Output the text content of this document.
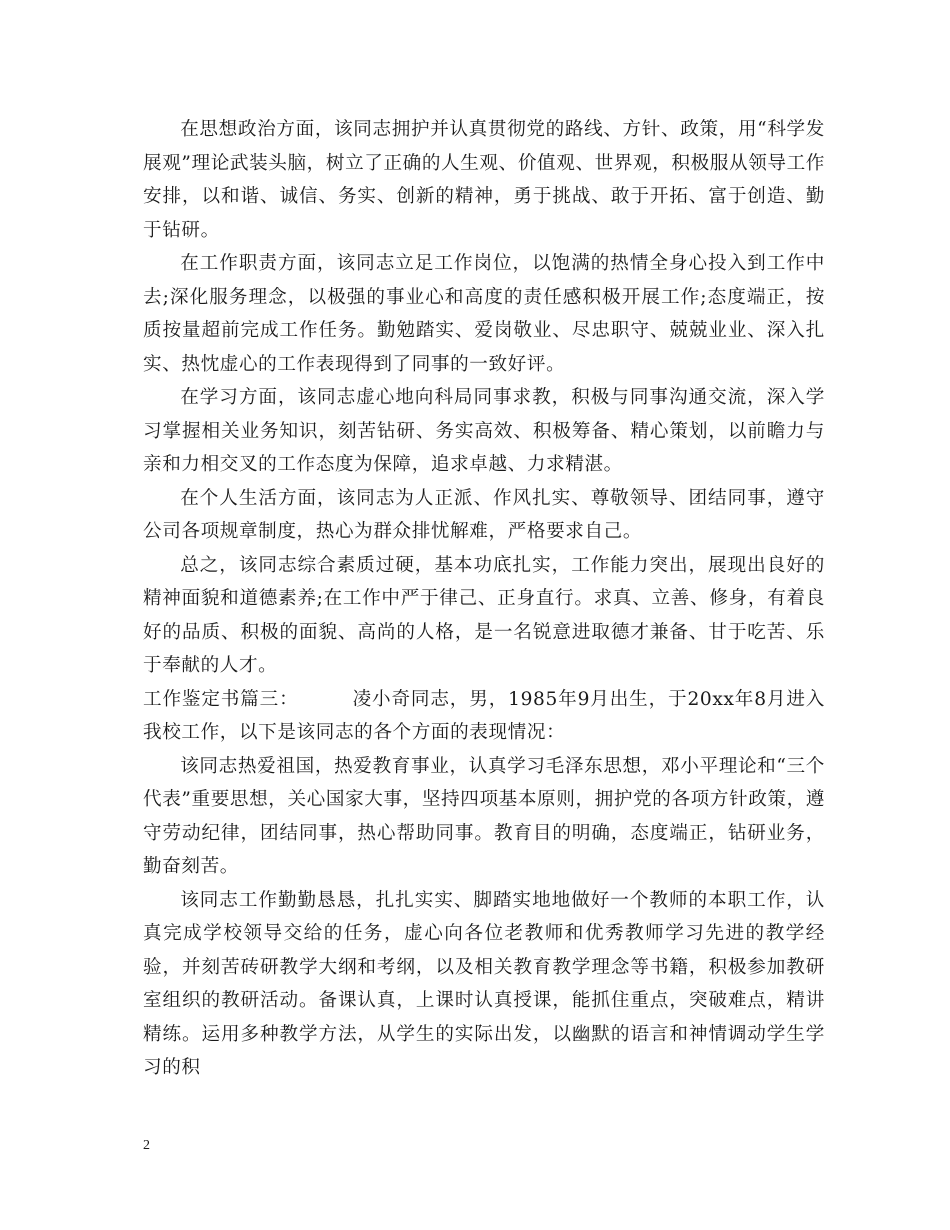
在思想政治方面，该同志拥护并认真贯彻党的路线、方针、政策，用“科学发展观”理论武装头脑，树立了正确的人生观、价值观、世界观，积极服从领导工作安排，以和谐、诚信、务实、创新的精神，勇于挑战、敢于开拓、富于创造、勤于钻研。

在工作职责方面，该同志立足工作岗位，以饱满的热情全身心投入到工作中去;深化服务理念，以极强的事业心和高度的责任感积极开展工作;态度端正，按质按量超前完成工作任务。勤勉踏实、爱岗敬业、尽忠职守、兢兢业业、深入扎实、热忱虚心的工作表现得到了同事的一致好评。

在学习方面，该同志虚心地向科局同事求教，积极与同事沟通交流，深入学习掌握相关业务知识，刻苦钻研、务实高效、积极筹备、精心策划，以前瞻力与亲和力相交叉的工作态度为保障，追求卓越、力求精湛。

在个人生活方面，该同志为人正派、作风扎实、尊敬领导、团结同事，遵守公司各项规章制度，热心为群众排忧解难，严格要求自己。

总之，该同志综合素质过硬，基本功底扎实，工作能力突出，展现出良好的精神面貌和道德素养;在工作中严于律己、正身直行。求真、立善、修身，有着良好的品质、积极的面貌、高尚的人格，是一名锐意进取德才兼备、甘于吃苦、乐于奉献的人才。

工作鉴定书篇三：	凌小奇同志，男，1985年9月出生，于20xx年8月进入我校工作，以下是该同志的各个方面的表现情况：

该同志热爱祖国，热爱教育事业，认真学习毛泽东思想，邓小平理论和“三个代表”重要思想，关心国家大事，坚持四项基本原则，拥护党的各项方针政策，遵守劳动纪律，团结同事，热心帮助同事。教育目的明确，态度端正，钻研业务，勤奋刻苦。

该同志工作勤勤恳恳，扎扎实实、脚踏实地地做好一个教师的本职工作，认真完成学校领导交给的任务，虚心向各位老教师和优秀教师学习先进的教学经验，并刻苦砖研教学大纲和考纲，以及相关教育教学理念等书籍，积极参加教研室组织的教研活动。备课认真，上课时认真授课，能抓住重点，突破难点，精讲精练。运用多种教学方法，从学生的实际出发，以幽默的语言和神情调动学生学习的积

2
